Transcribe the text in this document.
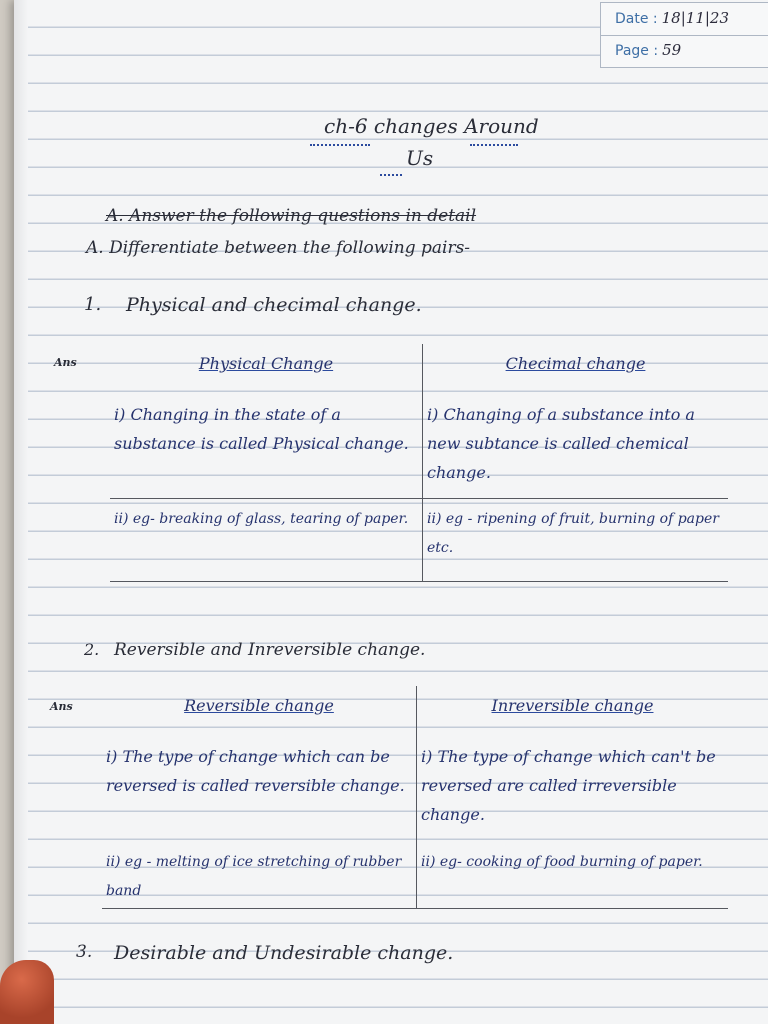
Date : 18|11|23
Page : 59
ch-6 changes Around
Us
A. Answer the following questions in detail
A. Differentiate between the following pairs-
1. Physical and checimal change.
Ans	Physical Change	Checimal change
i) Changing in the state of a substance is called Physical change.	i) Changing of a substance into a new subtance is called chemical change.
ii) eg- breaking of glass, tearing of paper.	ii) eg - ripening of fruit, burning of paper etc.
2. Reversible and Inreversible change.
Ans	Reversible change	Inreversible change
i) The type of change which can be reversed is called reversible change.	i) The type of change which can't be reversed are called irreversible change.
ii) eg - melting of ice stretching of rubber band	ii) eg- cooking of food burning of paper.
3. Desirable and Undesirable change.
